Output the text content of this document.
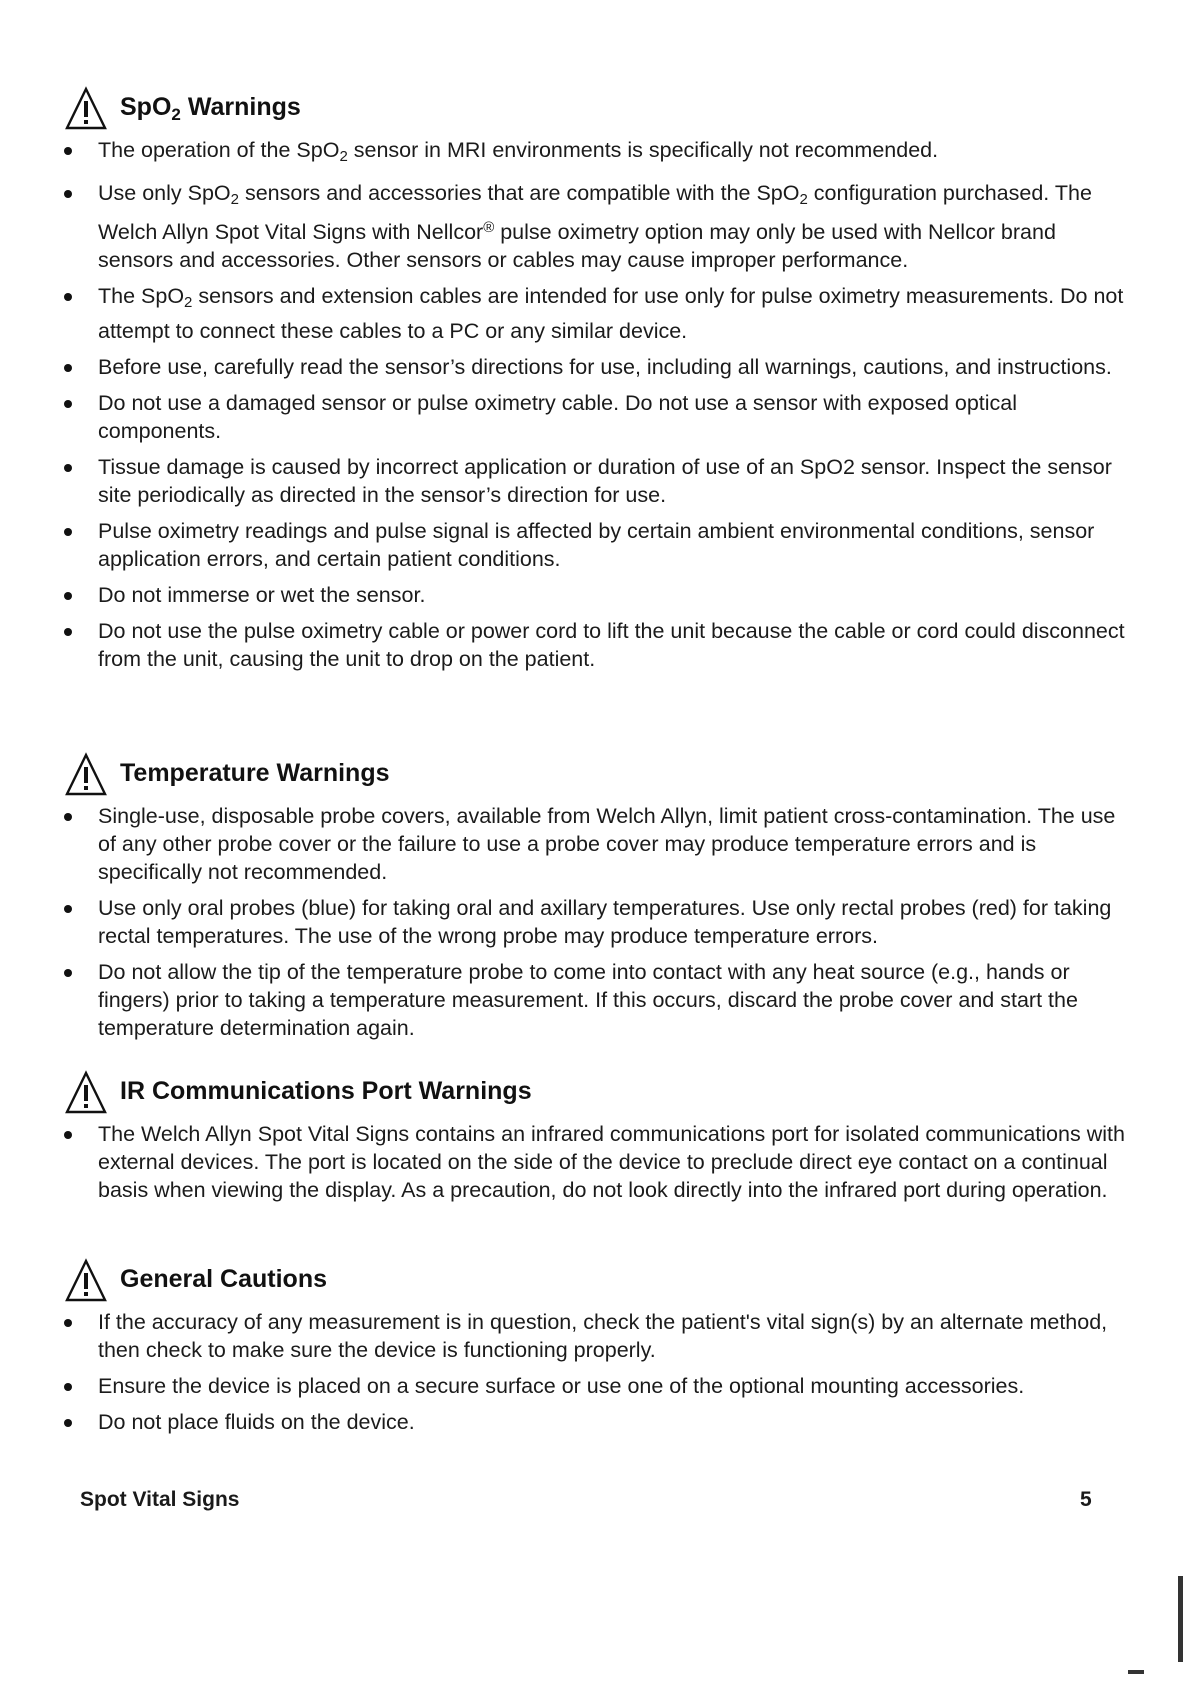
SpO$_2$ Warnings
The operation of the SpO$_2$ sensor in MRI environments is specifically not recommended.
Use only SpO$_2$ sensors and accessories that are compatible with the SpO$_2$ configuration purchased. The Welch Allyn Spot Vital Signs with Nellcor® pulse oximetry option may only be used with Nellcor brand sensors and accessories. Other sensors or cables may cause improper performance.
The SpO$_2$ sensors and extension cables are intended for use only for pulse oximetry measurements. Do not attempt to connect these cables to a PC or any similar device.
Before use, carefully read the sensor’s directions for use, including all warnings, cautions, and instructions.
Do not use a damaged sensor or pulse oximetry cable. Do not use a sensor with exposed optical components.
Tissue damage is caused by incorrect application or duration of use of an SpO2 sensor. Inspect the sensor site periodically as directed in the sensor’s direction for use.
Pulse oximetry readings and pulse signal is affected by certain ambient environmental conditions, sensor application errors, and certain patient conditions.
Do not immerse or wet the sensor.
Do not use the pulse oximetry cable or power cord to lift the unit because the cable or cord could disconnect from the unit, causing the unit to drop on the patient.
Temperature Warnings
Single-use, disposable probe covers, available from Welch Allyn, limit patient cross-contamination. The use of any other probe cover or the failure to use a probe cover may produce temperature errors and is specifically not recommended.
Use only oral probes (blue) for taking oral and axillary temperatures. Use only rectal probes (red) for taking rectal temperatures. The use of the wrong probe may produce temperature errors.
Do not allow the tip of the temperature probe to come into contact with any heat source (e.g., hands or fingers) prior to taking a temperature measurement. If this occurs, discard the probe cover and start the temperature determination again.
IR Communications Port Warnings
The Welch Allyn Spot Vital Signs contains an infrared communications port for isolated communications with external devices. The port is located on the side of the device to preclude direct eye contact on a continual basis when viewing the display. As a precaution, do not look directly into the infrared port during operation.
General Cautions
If the accuracy of any measurement is in question, check the patient's vital sign(s) by an alternate method, then check to make sure the device is functioning properly.
Ensure the device is placed on a secure surface or use one of the optional mounting accessories.
Do not place fluids on the device.
Spot Vital Signs	5
